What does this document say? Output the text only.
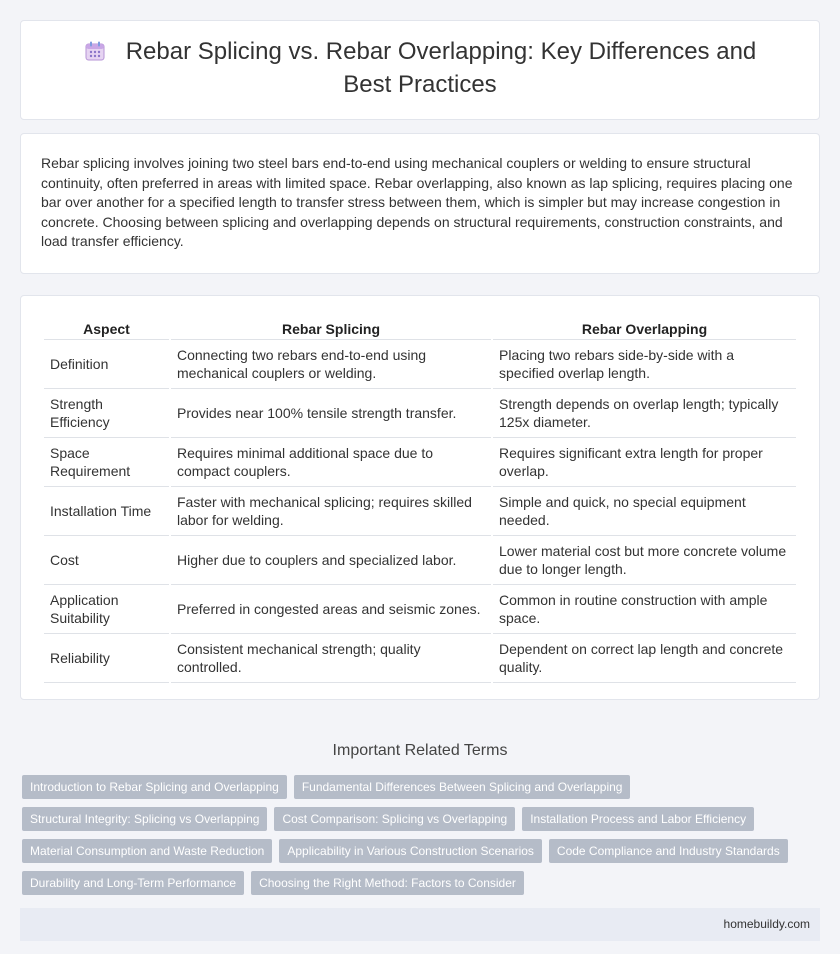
Rebar Splicing vs. Rebar Overlapping: Key Differences and Best Practices

Rebar splicing involves joining two steel bars end-to-end using mechanical couplers or welding to ensure structural continuity, often preferred in areas with limited space. Rebar overlapping, also known as lap splicing, requires placing one bar over another for a specified length to transfer stress between them, which is simpler but may increase congestion in concrete. Choosing between splicing and overlapping depends on structural requirements, construction constraints, and load transfer efficiency.

Aspect	Rebar Splicing	Rebar Overlapping
Definition	Connecting two rebars end-to-end using mechanical couplers or welding.	Placing two rebars side-by-side with a specified overlap length.
Strength Efficiency	Provides near 100% tensile strength transfer.	Strength depends on overlap length; typically 125x diameter.
Space Requirement	Requires minimal additional space due to compact couplers.	Requires significant extra length for proper overlap.
Installation Time	Faster with mechanical splicing; requires skilled labor for welding.	Simple and quick, no special equipment needed.
Cost	Higher due to couplers and specialized labor.	Lower material cost but more concrete volume due to longer length.
Application Suitability	Preferred in congested areas and seismic zones.	Common in routine construction with ample space.
Reliability	Consistent mechanical strength; quality controlled.	Dependent on correct lap length and concrete quality.
Important Related Terms
Introduction to Rebar Splicing and Overlapping	Fundamental Differences Between Splicing and Overlapping
Structural Integrity: Splicing vs Overlapping	Cost Comparison: Splicing vs Overlapping	Installation Process and Labor Efficiency
Material Consumption and Waste Reduction	Applicability in Various Construction Scenarios	Code Compliance and Industry Standards
Durability and Long-Term Performance	Choosing the Right Method: Factors to Consider
homebuildy.com
